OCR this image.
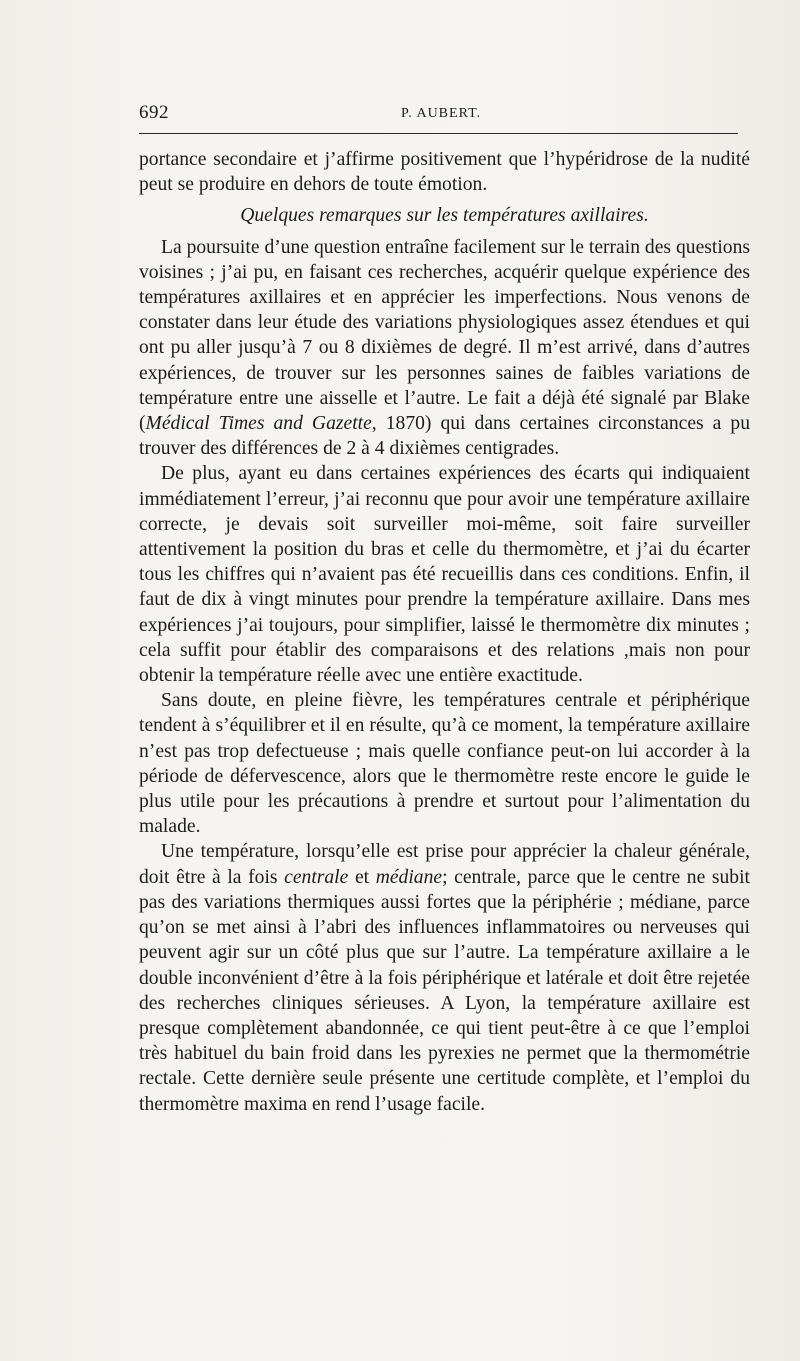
692	P. AUBERT.

portance secondaire et j’affirme positivement que l’hypéridrose de la nudité peut se produire en dehors de toute émotion.

Quelques remarques sur les températures axillaires.

La poursuite d’une question entraîne facilement sur le terrain des questions voisines ; j’ai pu, en faisant ces recherches, acquérir quelque expérience des températures axillaires et en apprécier les imperfections. Nous venons de constater dans leur étude des variations physiologiques assez étendues et qui ont pu aller jusqu’à 7 ou 8 dixièmes de degré. Il m’est arrivé, dans d’autres expériences, de trouver sur les personnes saines de faibles variations de température entre une aisselle et l’autre. Le fait a déjà été signalé par Blake (Médical Times and Gazette, 1870) qui dans certaines circonstances a pu trouver des différences de 2 à 4 dixièmes centigrades.

De plus, ayant eu dans certaines expériences des écarts qui indiquaient immédiatement l’erreur, j’ai reconnu que pour avoir une température axillaire correcte, je devais soit surveiller moi-même, soit faire surveiller attentivement la position du bras et celle du thermomètre, et j’ai du écarter tous les chiffres qui n’avaient pas été recueillis dans ces conditions. Enfin, il faut de dix à vingt minutes pour prendre la température axillaire. Dans mes expériences j’ai toujours, pour simplifier, laissé le thermomètre dix minutes ; cela suffit pour établir des comparaisons et des relations ,mais non pour obtenir la température réelle avec une entière exactitude.

Sans doute, en pleine fièvre, les températures centrale et périphérique tendent à s’équilibrer et il en résulte, qu’à ce moment, la température axillaire n’est pas trop defectueuse ; mais quelle confiance peut-on lui accorder à la période de défervescence, alors que le thermomètre reste encore le guide le plus utile pour les précautions à prendre et surtout pour l’alimentation du malade.

Une température, lorsqu’elle est prise pour apprécier la chaleur générale, doit être à la fois centrale et médiane; centrale, parce que le centre ne subit pas des variations thermiques aussi fortes que la périphérie ; médiane, parce qu’on se met ainsi à l’abri des influences inflammatoires ou nerveuses qui peuvent agir sur un côté plus que sur l’autre. La température axillaire a le double inconvénient d’être à la fois périphérique et latérale et doit être rejetée des recherches cliniques sérieuses. A Lyon, la température axillaire est presque complètement abandonnée, ce qui tient peut-être à ce que l’emploi très habituel du bain froid dans les pyrexies ne permet que la thermométrie rectale. Cette dernière seule présente une certitude complète, et l’emploi du thermomètre maxima en rend l’usage facile.
